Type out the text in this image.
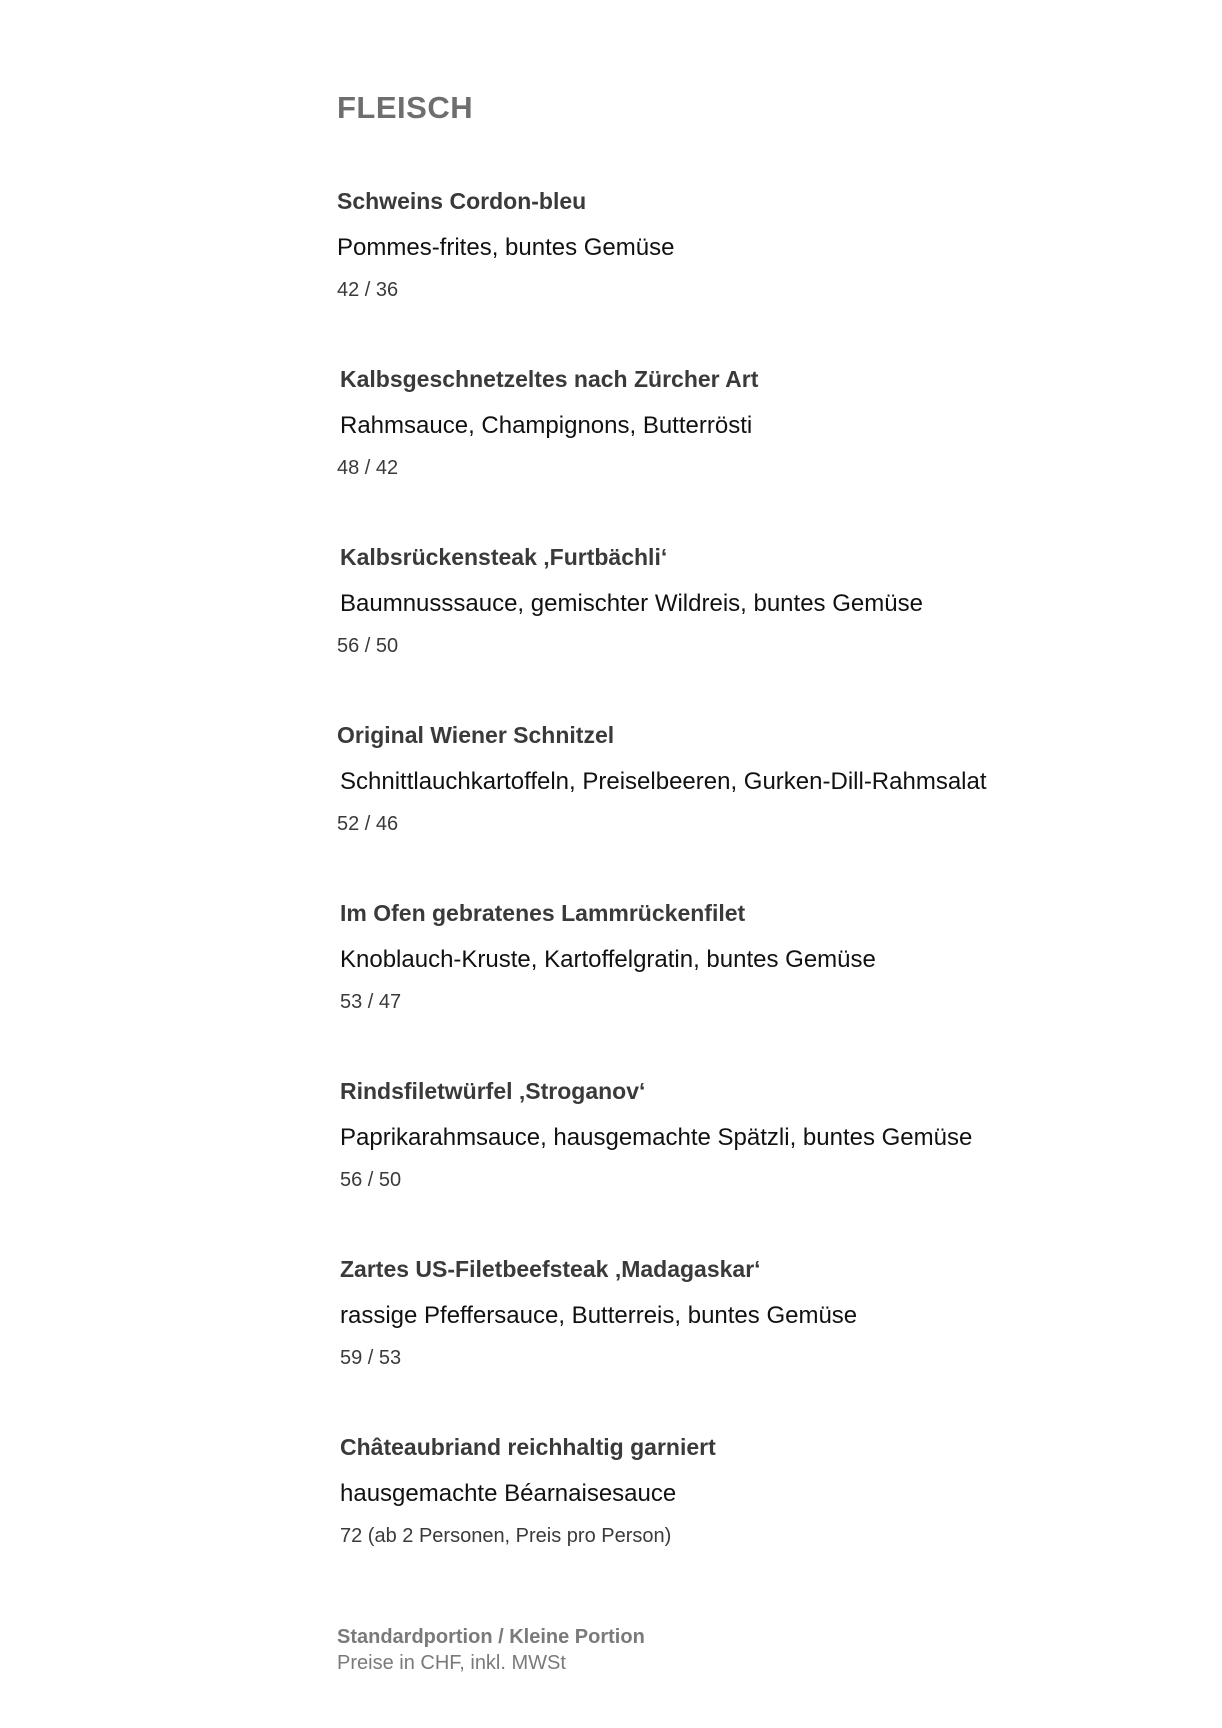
FLEISCH
Schweins Cordon-bleu
Pommes-frites, buntes Gemüse
42 / 36
Kalbsgeschnetzeltes nach Zürcher Art
Rahmsauce, Champignons, Butterrösti
48 / 42
Kalbsrückensteak ‚Furtbächli‘
Baumnusssauce, gemischter Wildreis, buntes Gemüse
56 / 50
Original Wiener Schnitzel
Schnittlauchkartoffeln, Preiselbeeren, Gurken-Dill-Rahmsalat
52 / 46
Im Ofen gebratenes Lammrückenfilet
Knoblauch-Kruste, Kartoffelgratin, buntes Gemüse
53 / 47
Rindsfiletwürfel ‚Stroganov‘
Paprikarahmsauce, hausgemachte Spätzli, buntes Gemüse
56 / 50
Zartes US-Filetbeefsteak ‚Madagaskar‘
rassige Pfeffersauce, Butterreis, buntes Gemüse
59 / 53
Châteaubriand reichhaltig garniert
hausgemachte Béarnaisesauce
72 (ab 2 Personen, Preis pro Person)
Standardportion / Kleine Portion
Preise in CHF, inkl. MWSt
